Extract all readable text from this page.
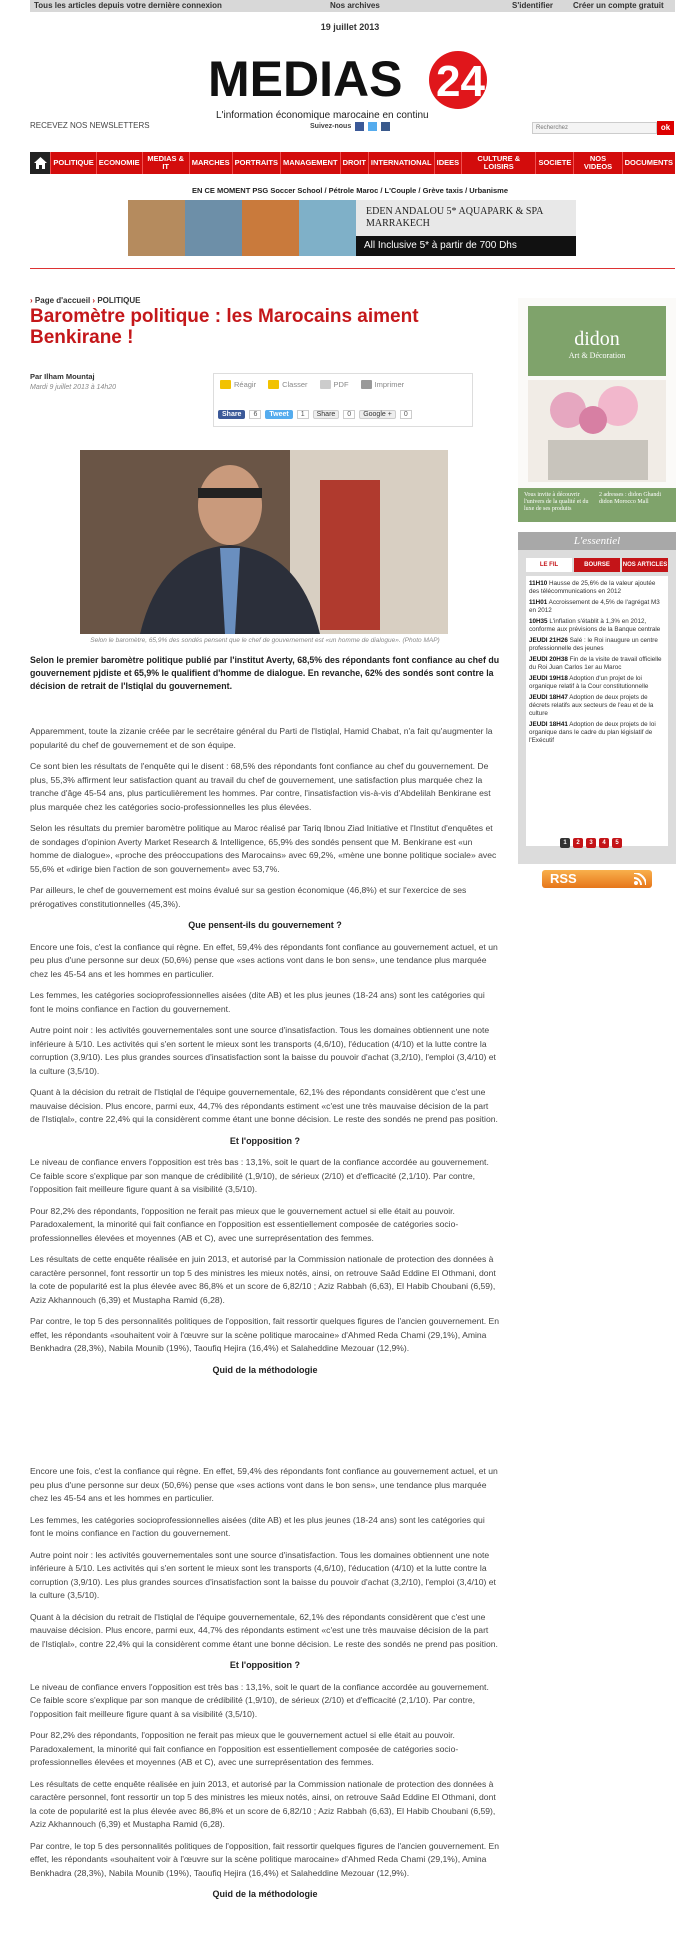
Tous les articles depuis votre dernière connexion	Nos archives	S'identifier Créer un compte gratuit
19 juillet 2013
MEDIAS 24
L'information économique marocaine en continu
RECEVEZ NOS NEWSLETTERS	Suivez-nous	Recherchez	ok
POLITIQUE ECONOMIE	MEDIAS & IT	MARCHES PORTRAITS MANAGEMENT DROIT INTERNATIONAL IDEES	CULTURE & LOISIRS	SOCIETE	NOS VIDEOS	DOCUMENTS
EN CE MOMENT PSG Soccer School / Pétrole Maroc / L'Couple / Grève taxis / Urbanisme
EDEN ANDALOU 5* AQUAPARK & SPA
MARRAKECH
All Inclusive 5* à partir de 700 Dhs
› Page d'accueil › POLITIQUE
Baromètre politique : les Marocains aiment Benkirane !
Par Ilham Mountaj
Mardi 9 juillet 2013 à 14h20	Réagir	Classer	PDF	Imprimer
Share	6	Tweet	1	Share	0	Google +	0
Selon le baromètre, 65,9% des sondés pensent que le chef de gouvernement est «un homme de dialogue». (Photo MAP)
Selon le premier baromètre politique publié par l'institut Averty, 68,5% des répondants font confiance au chef du gouvernement pjdiste et 65,9% le qualifient d'homme de dialogue. En revanche, 62% des sondés sont contre la décision de retrait de l'Istiqlal du gouvernement.

Apparemment, toute la zizanie créée par le secrétaire général du Parti de l'Istiqlal, Hamid Chabat, n'a fait qu'augmenter la popularité du chef de gouvernement et de son équipe.

Ce sont bien les résultats de l'enquête qui le disent : 68,5% des répondants font confiance au chef du gouvernement. De plus, 55,3% affirment leur satisfaction quant au travail du chef de gouvernement, une satisfaction plus marquée chez la tranche d'âge 45-54 ans, plus particulièrement les hommes. Par contre, l'insatisfaction vis-à-vis d'Abdelilah Benkirane est plus marquée chez les catégories socio-professionnelles les plus élevées.

Selon les résultats du premier baromètre politique au Maroc réalisé par Tariq Ibnou Ziad Initiative et l'Institut d'enquêtes et de sondages d'opinion Averty Market Research & Intelligence, 65,9% des sondés pensent que M. Benkirane est «un homme de dialogue», «proche des préoccupations des Marocains» avec 69,2%, «mène une bonne politique sociale» avec 55,6% et «dirige bien l'action de son gouvernement» avec 53,7%.

Par ailleurs, le chef de gouvernement est moins évalué sur sa gestion économique (46,8%) et sur l'exercice de ses prérogatives constitutionnelles (45,3%).

Que pensent-ils du gouvernement ?

Encore une fois, c'est la confiance qui règne. En effet, 59,4% des répondants font confiance au gouvernement actuel, et un peu plus d'une personne sur deux (50,6%) pense que «ses actions vont dans le bon sens», une tendance plus marquée chez les 45-54 ans et les hommes en particulier.

Les femmes, les catégories socioprofessionnelles aisées (dite AB) et les plus jeunes (18-24 ans) sont les catégories qui font le moins confiance en l'action du gouvernement.

Autre point noir : les activités gouvernementales sont une source d'insatisfaction. Tous les domaines obtiennent une note inférieure à 5/10. Les activités qui s'en sortent le mieux sont les transports (4,6/10), l'éducation (4/10) et la lutte contre la corruption (3,9/10). Les plus grandes sources d'insatisfaction sont la baisse du pouvoir d'achat (3,2/10), l'emploi (3,4/10) et la culture (3,5/10).

Quant à la décision du retrait de l'Istiqlal de l'équipe gouvernementale, 62,1% des répondants considèrent que c'est une mauvaise décision. Plus encore, parmi eux, 44,7% des répondants estiment «c'est une très mauvaise décision de la part de l'Istiqlal», contre 22,4% qui la considèrent comme étant une bonne décision. Le reste des sondés ne prend pas position.

Et l'opposition ?

Le niveau de confiance envers l'opposition est très bas : 13,1%, soit le quart de la confiance accordée au gouvernement. Ce faible score s'explique par son manque de crédibilité (1,9/10), de sérieux (2/10) et d'efficacité (2,1/10). Par contre, l'opposition fait meilleure figure quant à sa visibilité (3,5/10).

Pour 82,2% des répondants, l'opposition ne ferait pas mieux que le gouvernement actuel si elle était au pouvoir. Paradoxalement, la minorité qui fait confiance en l'opposition est essentiellement composée de catégories socio-professionnelles élevées et moyennes (AB et C), avec une surreprésentation des femmes.

Les résultats de cette enquête réalisée en juin 2013, et autorisé par la Commission nationale de protection des données à caractère personnel, font ressortir un top 5 des ministres les mieux notés, ainsi, on retrouve Saâd Eddine El Othmani, dont la cote de popularité est la plus élevée avec 86,8% et un score de 6,82/10 ; Aziz Rabbah (6,63), El Habib Choubani (6,59), Aziz Akhannouch (6,39) et Mustapha Ramid (6,28).

Par contre, le top 5 des personnalités politiques de l'opposition, fait ressortir quelques figures de l'ancien gouvernement. En effet, les répondants «souhaitent voir à l'œuvre sur la scène politique marocaine» d'Ahmed Reda Chami (29,1%), Amina Benkhadra (28,3%), Nabila Mounib (19%), Taoufiq Hejira (16,4%) et Salaheddine Mezouar (12,9%).

Quid de la méthodologie

Encore une fois, c'est la confiance qui règne. En effet, 59,4% des répondants font confiance au gouvernement actuel, et un peu plus d'une personne sur deux (50,6%) pense que «ses actions vont dans le bon sens», une tendance plus marquée chez les 45-54 ans et les hommes en particulier.

Les femmes, les catégories socioprofessionnelles aisées (dite AB) et les plus jeunes (18-24 ans) sont les catégories qui font le moins confiance en l'action du gouvernement.

Autre point noir : les activités gouvernementales sont une source d'insatisfaction. Tous les domaines obtiennent une note inférieure à 5/10. Les activités qui s'en sortent le mieux sont les transports (4,6/10), l'éducation (4/10) et la lutte contre la corruption (3,9/10). Les plus grandes sources d'insatisfaction sont la baisse du pouvoir d'achat (3,2/10), l'emploi (3,4/10) et la culture (3,5/10).

Quant à la décision du retrait de l'Istiqlal de l'équipe gouvernementale, 62,1% des répondants considèrent que c'est une mauvaise décision. Plus encore, parmi eux, 44,7% des répondants estiment «c'est une très mauvaise décision de la part de l'Istiqlal», contre 22,4% qui la considèrent comme étant une bonne décision. Le reste des sondés ne prend pas position.

Et l'opposition ?

Le niveau de confiance envers l'opposition est très bas : 13,1%, soit le quart de la confiance accordée au gouvernement. Ce faible score s'explique par son manque de crédibilité (1,9/10), de sérieux (2/10) et d'efficacité (2,1/10). Par contre, l'opposition fait meilleure figure quant à sa visibilité (3,5/10).

Pour 82,2% des répondants, l'opposition ne ferait pas mieux que le gouvernement actuel si elle était au pouvoir. Paradoxalement, la minorité qui fait confiance en l'opposition est essentiellement composée de catégories socio-professionnelles élevées et moyennes (AB et C), avec une surreprésentation des femmes.

Les résultats de cette enquête réalisée en juin 2013, et autorisé par la Commission nationale de protection des données à caractère personnel, font ressortir un top 5 des ministres les mieux notés, ainsi, on retrouve Saâd Eddine El Othmani, dont la cote de popularité est la plus élevée avec 86,8% et un score de 6,82/10 ; Aziz Rabbah (6,63), El Habib Choubani (6,59), Aziz Akhannouch (6,39) et Mustapha Ramid (6,28).

Par contre, le top 5 des personnalités politiques de l'opposition, fait ressortir quelques figures de l'ancien gouvernement. En effet, les répondants «souhaitent voir à l'œuvre sur la scène politique marocaine» d'Ahmed Reda Chami (29,1%), Amina Benkhadra (28,3%), Nabila Mounib (19%), Taoufiq Hejira (16,4%) et Salaheddine Mezouar (12,9%).

Quid de la méthodologie
didon
Art & Décoration
Vous invite à découvrir l'univers de la qualité et du luxe de ses produits
2 adresses : didon Ghandi didon Morocco Mall
L'essentiel
LE FIL	BOURSE	NOS ARTICLES
11H10 Hausse de 25,6% de la valeur ajoutée des télécommunications en 2012
11H01 Accroissement de 4,5% de l'agrégat M3 en 2012
10H35 L'inflation s'établit à 1,3% en 2012, conforme aux prévisions de la Banque centrale
JEUDI 21H26 Salé : le Roi inaugure un centre professionnelle des jeunes
JEUDI 20H38 Fin de la visite de travail officielle du Roi Juan Carlos 1er au Maroc
JEUDI 19H18 Adoption d'un projet de loi organique relatif à la Cour constitutionnelle
JEUDI 18H47 Adoption de deux projets de décrets relatifs aux secteurs de l'eau et de la culture
JEUDI 18H41 Adoption de deux projets de loi organique dans le cadre du plan législatif de l'Exécutif
1	2	3	4	5
RSS
